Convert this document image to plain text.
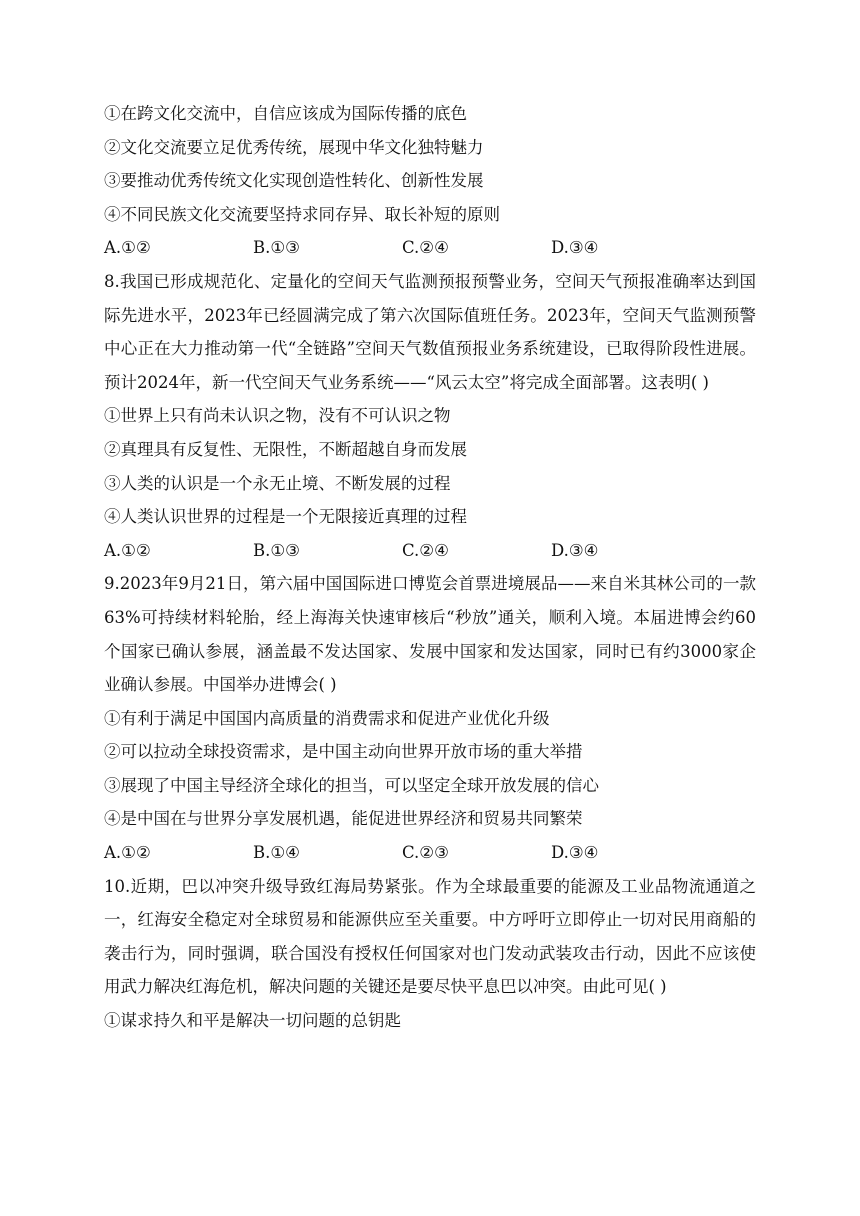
①在跨文化交流中，自信应该成为国际传播的底色
②文化交流要立足优秀传统，展现中华文化独特魅力
③要推动优秀传统文化实现创造性转化、创新性发展
④不同民族文化交流要坚持求同存异、取长补短的原则
A.①②	B.①③	C.②④	D.③④
8.我国已形成规范化、定量化的空间天气监测预报预警业务，空间天气预报准确率达到国际先进水平，2023年已经圆满完成了第六次国际值班任务。2023年，空间天气监测预警中心正在大力推动第一代“全链路”空间天气数值预报业务系统建设，已取得阶段性进展。预计2024年，新一代空间天气业务系统——“风云太空”将完成全面部署。这表明( )
①世界上只有尚未认识之物，没有不可认识之物
②真理具有反复性、无限性，不断超越自身而发展
③人类的认识是一个永无止境、不断发展的过程
④人类认识世界的过程是一个无限接近真理的过程
A.①②	B.①③	C.②④	D.③④
9.2023年9月21日，第六届中国国际进口博览会首票进境展品——来自米其林公司的一款63%可持续材料轮胎，经上海海关快速审核后“秒放”通关，顺利入境。本届进博会约60个国家已确认参展，涵盖最不发达国家、发展中国家和发达国家，同时已有约3000家企业确认参展。中国举办进博会( )
①有利于满足中国国内高质量的消费需求和促进产业优化升级
②可以拉动全球投资需求，是中国主动向世界开放市场的重大举措
③展现了中国主导经济全球化的担当，可以坚定全球开放发展的信心
④是中国在与世界分享发展机遇，能促进世界经济和贸易共同繁荣
A.①②	B.①④	C.②③	D.③④
10.近期，巴以冲突升级导致红海局势紧张。作为全球最重要的能源及工业品物流通道之一，红海安全稳定对全球贸易和能源供应至关重要。中方呼吁立即停止一切对民用商船的袭击行为，同时强调，联合国没有授权任何国家对也门发动武装攻击行动，因此不应该使用武力解决红海危机，解决问题的关键还是要尽快平息巴以冲突。由此可见( )
①谋求持久和平是解决一切问题的总钥匙
